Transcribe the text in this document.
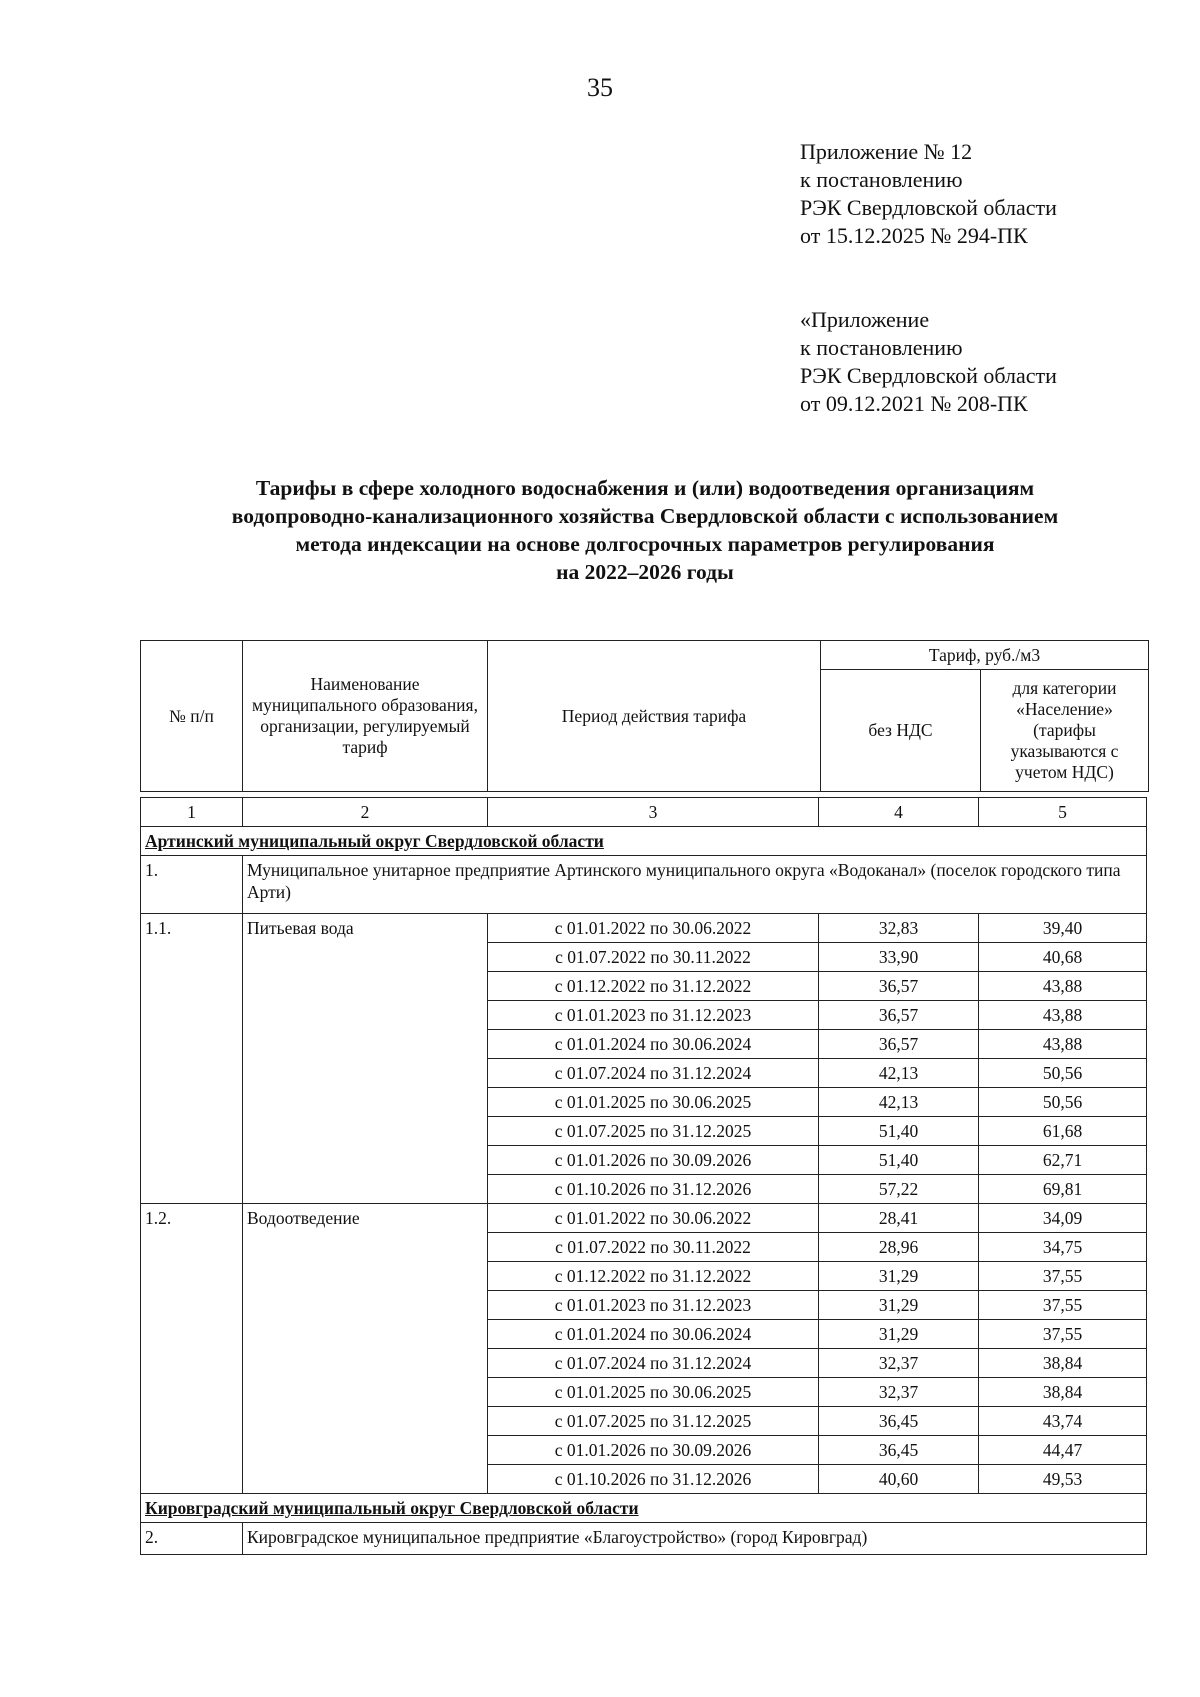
35
Приложение № 12
к постановлению
РЭК Свердловской области
от 15.12.2025 № 294-ПК
«Приложение
к постановлению
РЭК Свердловской области
от 09.12.2021 № 208-ПК
Тарифы в сфере холодного водоснабжения и (или) водоотведения организациям
водопроводно-канализационного хозяйства Свердловской области с использованием
метода индексации на основе долгосрочных параметров регулирования
на 2022–2026 годы
№ п/п	Наименование муниципального образования, организации, регулируемый тариф	Период действия тарифа	Тариф, руб./м3	
			без НДС	для категории «Население» (тарифы указываются с учетом НДС)
1	2	3	4	5
Артинский муниципальный округ Свердловской области				
1.	Муниципальное унитарное предприятие Артинского муниципального округа «Водоканал» (поселок городского типа Арти)			
1.1.	Питьевая вода	с 01.01.2022 по 30.06.2022	32,83	39,40
		с 01.07.2022 по 30.11.2022	33,90	40,68
		с 01.12.2022 по 31.12.2022	36,57	43,88
		с 01.01.2023 по 31.12.2023	36,57	43,88
		с 01.01.2024 по 30.06.2024	36,57	43,88
		с 01.07.2024 по 31.12.2024	42,13	50,56
		с 01.01.2025 по 30.06.2025	42,13	50,56
		с 01.07.2025 по 31.12.2025	51,40	61,68
		с 01.01.2026 по 30.09.2026	51,40	62,71
		с 01.10.2026 по 31.12.2026	57,22	69,81
1.2.	Водоотведение	с 01.01.2022 по 30.06.2022	28,41	34,09
		с 01.07.2022 по 30.11.2022	28,96	34,75
		с 01.12.2022 по 31.12.2022	31,29	37,55
		с 01.01.2023 по 31.12.2023	31,29	37,55
		с 01.01.2024 по 30.06.2024	31,29	37,55
		с 01.07.2024 по 31.12.2024	32,37	38,84
		с 01.01.2025 по 30.06.2025	32,37	38,84
		с 01.07.2025 по 31.12.2025	36,45	43,74
		с 01.01.2026 по 30.09.2026	36,45	44,47
		с 01.10.2026 по 31.12.2026	40,60	49,53
Кировградский муниципальный округ Свердловской области				
2.	Кировградское муниципальное предприятие «Благоустройство» (город Кировград)			
